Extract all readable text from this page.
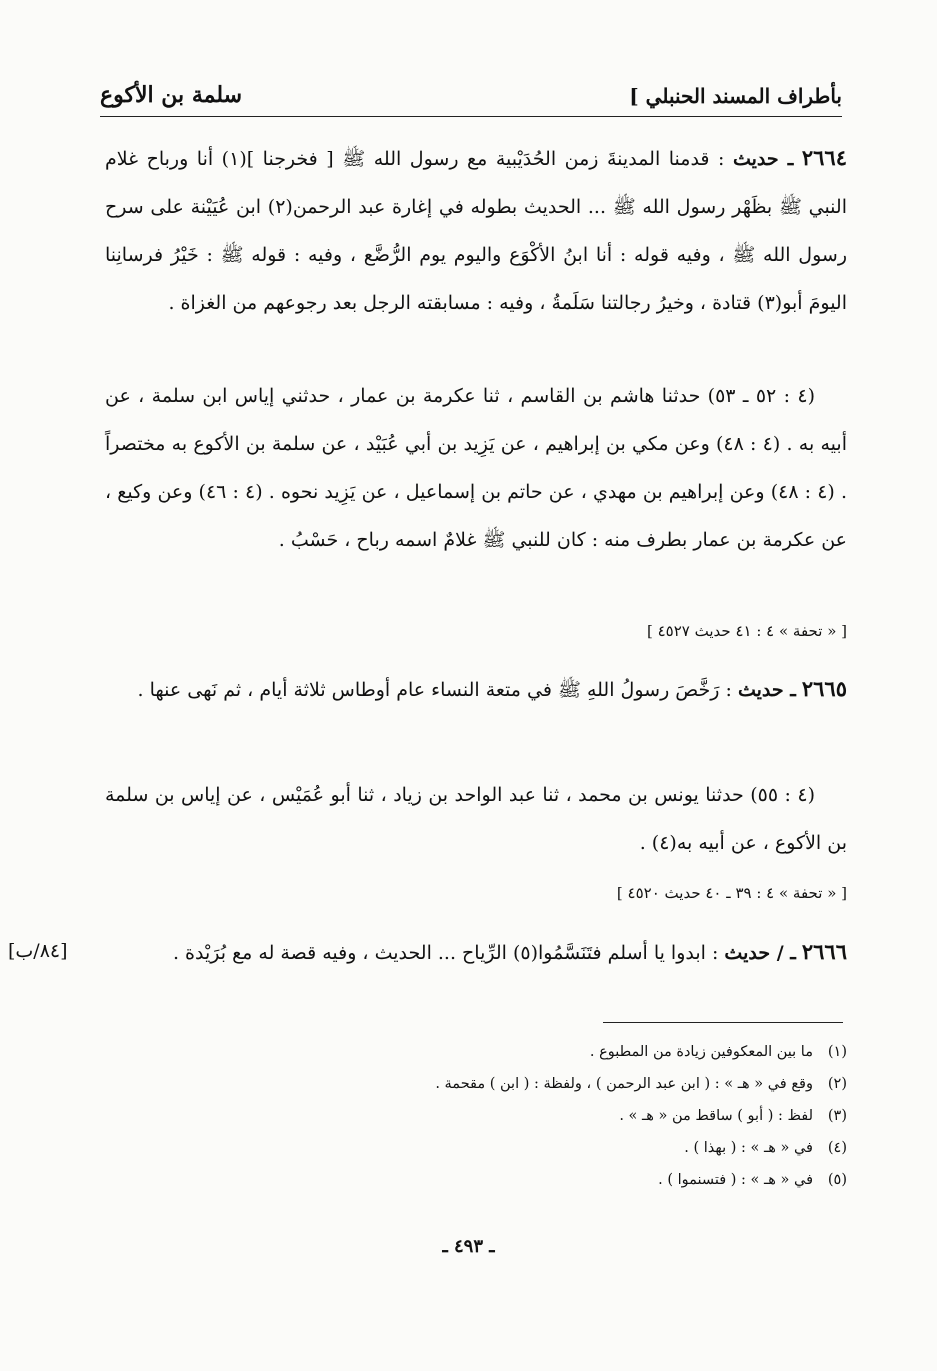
بأطراف المسند الحنبلي ]
سلمة بن الأكوع
٢٦٦٤ ـ حديث : قدمنا المدينةَ زمن الحُدَيْبية مع رسول الله ﷺ [ فخرجنا ](١) أنا ورباح غلام النبي ﷺ بظَهْر رسول الله ﷺ ... الحديث بطوله في إغارة عبد الرحمن(٢) ابن عُيَيْنة على سرح رسول الله ﷺ ، وفيه قوله : أنا ابنُ الأكْوَع واليوم يوم الرُّضَّع ، وفيه : قوله ﷺ : خَيْرُ فرسانِنا اليومَ أبو(٣) قتادة ، وخيرُ رجالتنا سَلَمةُ ، وفيه : مسابقته الرجل بعد رجوعهم من الغزاة .
(٤ : ٥٢ ـ ٥٣) حدثنا هاشم بن القاسم ، ثنا عكرمة بن عمار ، حدثني إياس ابن سلمة ، عن أبيه به . (٤ : ٤٨) وعن مكي بن إبراهيم ، عن يَزِيد بن أبي عُبَيْد ، عن سلمة بن الأكوع به مختصراً . (٤ : ٤٨) وعن إبراهيم بن مهدي ، عن حاتم بن إسماعيل ، عن يَزِيد نحوه . (٤ : ٤٦) وعن وكيع ، عن عكرمة بن عمار بطرف منه : كان للنبي ﷺ غلامٌ اسمه رباح ، حَسْبُ .
[ « تحفة » ٤ : ٤١ حديث ٤٥٢٧ ]
٢٦٦٥ ـ حديث : رَخَّصَ رسولُ اللهِ ﷺ في متعة النساء عام أوطاس ثلاثة أيام ، ثم نَهى عنها .
(٤ : ٥٥) حدثنا يونس بن محمد ، ثنا عبد الواحد بن زياد ، ثنا أبو عُمَيْس ، عن إياس بن سلمة بن الأكوع ، عن أبيه به(٤) .
[ « تحفة » ٤ : ٣٩ ـ ٤٠ حديث ٤٥٢٠ ]
٢٦٦٦ ـ / حديث : ابدوا يا أسلم فتَنَسَّمُوا(٥) الرِّياح ... الحديث ، وفيه قصة له مع بُرَيْدة .
[٨٤/ب]
(١)ما بين المعكوفين زيادة من المطبوع .
(٢)وقع في « هـ » : ( ابن عبد الرحمن ) ، ولفظة : ( ابن ) مقحمة .
(٣)لفظ : ( أبو ) ساقط من « هـ » .
(٤)في « هـ » : ( بهذا ) .
(٥)في « هـ » : ( فتسنموا ) .
ـ ٤٩٣ ـ
